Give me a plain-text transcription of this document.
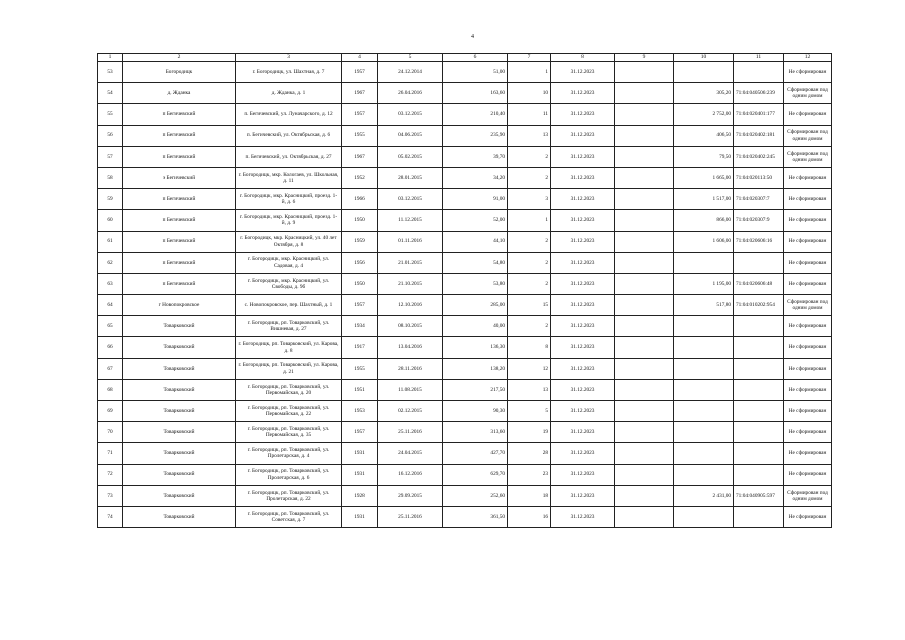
4
1	2	3	4	5	6	7	8	9	10	11	12
53	Богородицк	г. Богородицк, ул. Шахтная, д. 7	1957	24.12.2014	51,00	1	31.12.2023				Не сформирован
54	д. Жданка	д. Жданка, д. 1	1967	26.04.2016	163,60	10	31.12.2023		305,20	71:04:040506:239	Сформирован под одним домом
55	п Бегичевский	п. Бегичевский, ул. Луначарского, д. 12	1957	03.12.2015	210,40	11	31.12.2023		2 752,00	71:04:020401:177	Не сформирован
56	п Бегичевский	п. Бегичевский, ул. Октябрьская, д. 6	1955	04.06.2015	235,90	13	31.12.2023		406,50	71:04:020402:181	Сформирован под одним домом
57	п Бегичевский	п. Бегичевский, ул. Октябрьская, д. 27	1967	05.02.2015	39,70	2	31.12.2023		79,50	71:04:020402:245	Сформирован под одним домом
58	э Бегичевский	г. Богородицк, мкр. Кологаев, ул. Школьная, д. 11	1952	28.01.2015	34,20	2	31.12.2023		1 665,00	71:04:020113:50	Не сформирован
59	п Бегичевский	г. Богородицк, мкр. Красницкий, проезд. 1-й, д. 6	1966	03.12.2015	91,00	3	31.12.2023		1 517,00	71:04:020307:7	Не сформирован
60	п Бегичевский	г. Богородицк, мкр. Красницкий, проезд. 1-й, д. 9	1950	11.12.2015	52,00	1	31.12.2023		866,00	71:04:020307:9	Не сформирован
61	п Бегичевский	г. Богородицк, мкр. Красницкий, ул. 40 лет Октября, д. 8	1959	01.11.2016	44,10	2	31.12.2023		1 606,00	71:04:020606:16	Не сформирован
62	п Бегичевский	г. Богородицк, мкр. Красницкий, ул. Садовая, д. 4	1956	21.01.2015	54,80	2	31.12.2023				Не сформирован
63	п Бегичевский	г. Богородицк, мкр. Красницкий, ул. Свободы, д. 9б	1950	21.10.2015	53,80	2	31.12.2023		1 195,00	71:04:020606:48	Не сформирован
64	г Новопокровское	с. Новопокровское, пер. Шахтный, д. 1	1957	12.10.2016	285,00	15	31.12.2023		517,80	71:04:010202:954	Сформирован под одним домом
65	Товарковский	г. Богородицк, рп. Товарковский, ул. Вишневая, д. 27	1934	08.10.2015	40,00	2	31.12.2023				Не сформирован
66	Товарковский	г. Богородицк, рп. Товарковский, ул. Карова, д. 8	1917	13.04.2016	136,30	8	31.12.2023				Не сформирован
67	Товарковский	г. Богородицк, рп. Товарковский, ул. Карова, д. 21	1955	28.11.2016	138,20	12	31.12.2023				Не сформирован
68	Товарковский	г. Богородицк, рп. Товарковский, ул. Первомайская, д. 20	1951	11.08.2015	217,50	13	31.12.2023				Не сформирован
69	Товарковский	г. Богородицк, рп. Товарковский, ул. Первомайская, д. 22	1953	02.12.2015	90,30	5	31.12.2023				Не сформирован
70	Товарковский	г. Богородицк, рп. Товарковский, ул. Первомайская, д. 35	1957	25.11.2016	313,60	19	31.12.2023				Не сформирован
71	Товарковский	г. Богородицк, рп. Товарковский, ул. Пролетарская, д. 4	1931	24.04.2015	427,70	28	31.12.2023				Не сформирован
72	Товарковский	г. Богородицк, рп. Товарковский, ул. Пролетарская, д. 6	1931	16.12.2016	629,70	23	31.12.2023				Не сформирован
73	Товарковский	г. Богородицк, рп. Товарковский, ул. Пролетарская, д. 22	1928	29.09.2015	252,60	18	31.12.2023		2 431,00	71:04:040905:597	Сформирован под одним домом
74	Товарковский	г. Богородицк, рп. Товарковский, ул. Советская, д. 7	1931	25.11.2016	361,50	16	31.12.2023				Не сформирован
